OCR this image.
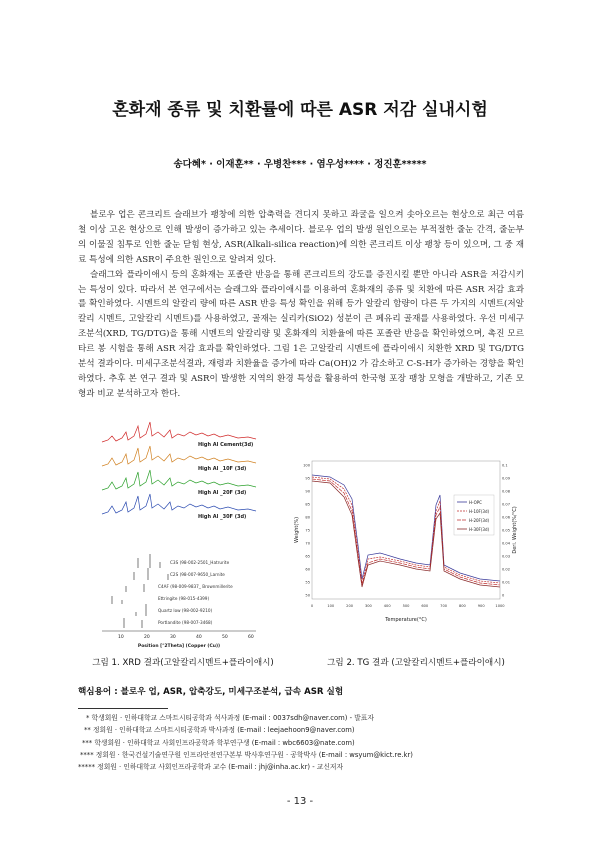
혼화재 종류 및 치환률에 따른 ASR 저감 실내시험
송다혜* · 이재훈** · 우병찬*** · 염우성**** · 정진훈*****

블로우 업은 콘크리트 슬래브가 팽창에 의한 압축력을 견디지 못하고 좌굴을 일으켜 솟아오르는 현상으로 최근 여름철 이상 고온 현상으로 인해 발생이 증가하고 있는 추세이다. 블로우 업의 발생 원인으로는 부적절한 줄눈 간격, 줄눈부의 이물질 침투로 인한 줄눈 닫힘 현상, ASR(Alkali-silica reaction)에 의한 콘크리트 이상 팽창 등이 있으며, 그 중 재료 특성에 의한 ASR이 주요한 원인으로 알려져 있다.

슬래그와 플라이애시 등의 혼화재는 포졸란 반응을 통해 콘크리트의 강도를 증진시킬 뿐만 아니라 ASR을 저감시키는 특성이 있다. 따라서 본 연구에서는 슬래그와 플라이애시를 이용하여 혼화재의 종류 및 치환에 따른 ASR 저감 효과를 확인하였다. 시멘트의 알칼리 량에 따른 ASR 반응 특성 확인을 위해 등가 알칼리 함량이 다른 두 가지의 시멘트(저알칼리 시멘트, 고알칼리 시멘트)를 사용하였고, 골재는 실리카(SiO2) 성분이 큰 페유리 골재를 사용하였다. 우선 미세구조분석(XRD, TG/DTG)을 통해 시멘트의 알칼리량 및 혼화재의 치환율에 따른 포졸란 반응을 확인하였으며, 촉진 모르타르 봉 시험을 통해 ASR 저감 효과를 확인하였다. 그림 1은 고알칼리 시멘트에 플라이애시 치환한 XRD 및 TG/DTG분석 결과이다. 미세구조분석결과, 재령과 치환율을 증가에 따라 Ca(OH)2 가 감소하고 C-S-H가 증가하는 경향을 확인하였다. 추후 본 연구 결과 및 ASR이 발생한 지역의 환경 특성을 활용하여 한국형 포장 팽창 모형을 개발하고, 기존 모형과 비교 분석하고자 한다.

High Al Cement(3d)
High Al _10F (3d)
High Al _20F (3d)
High Al _30F (3d)
C3S (98-002-2501_Hatrurite
C2S (98-007-9650_Larnite
C4AF (98-009-9837_ Brownmillerite
Ettringite (98-015-4399)
Quartz low (98-002-9210)
Portlandite (98-007-3468)
10	20	30	40	50	60
Position [°2Theta] (Copper (Cu))
그림 1. XRD 결과(고알칼리시멘트+플라이애시)
100
95
90
85
80
75
70
65
60
55
50
0.1
0.09
0.08
0.07
0.06
0.05
0.04
0.03
0.02
0.01
0
0	100	200	300	400	500	600	700	800	900	1000
H-OPC
H-10F(3d)
H-20F(3d)
H-30F(3d)
Weight(%)	Deri. Weight(%/°C)
Temperature(°C)
그림 2. TG 결과 (고알칼리시멘트+플라이애시)
핵심용어 : 블로우 업, ASR, 압축강도, 미세구조분석, 급속 ASR 실험
* 학생회원 · 인하대학교 스마트시티공학과 석사과정 (E-mail : 0037sdh@naver.com) - 발표자
** 정회원 · 인하대학교 스마트시티공학과 박사과정 (E-mail : leejaehoon9@naver.com)
*** 학생회원 · 인하대학교 사회인프라공학과 학부연구생 (E-mail : wbc6603@nate.com)
**** 정회원 · 한국건설기술연구원 인프라안전연구본부 박사후연구원 · 공학박사 (E-mail : wsyum@kict.re.kr)
***** 정회원 · 인하대학교 사회인프라공학과 교수 (E-mail : jhj@inha.ac.kr) - 교신저자
- 13 -
